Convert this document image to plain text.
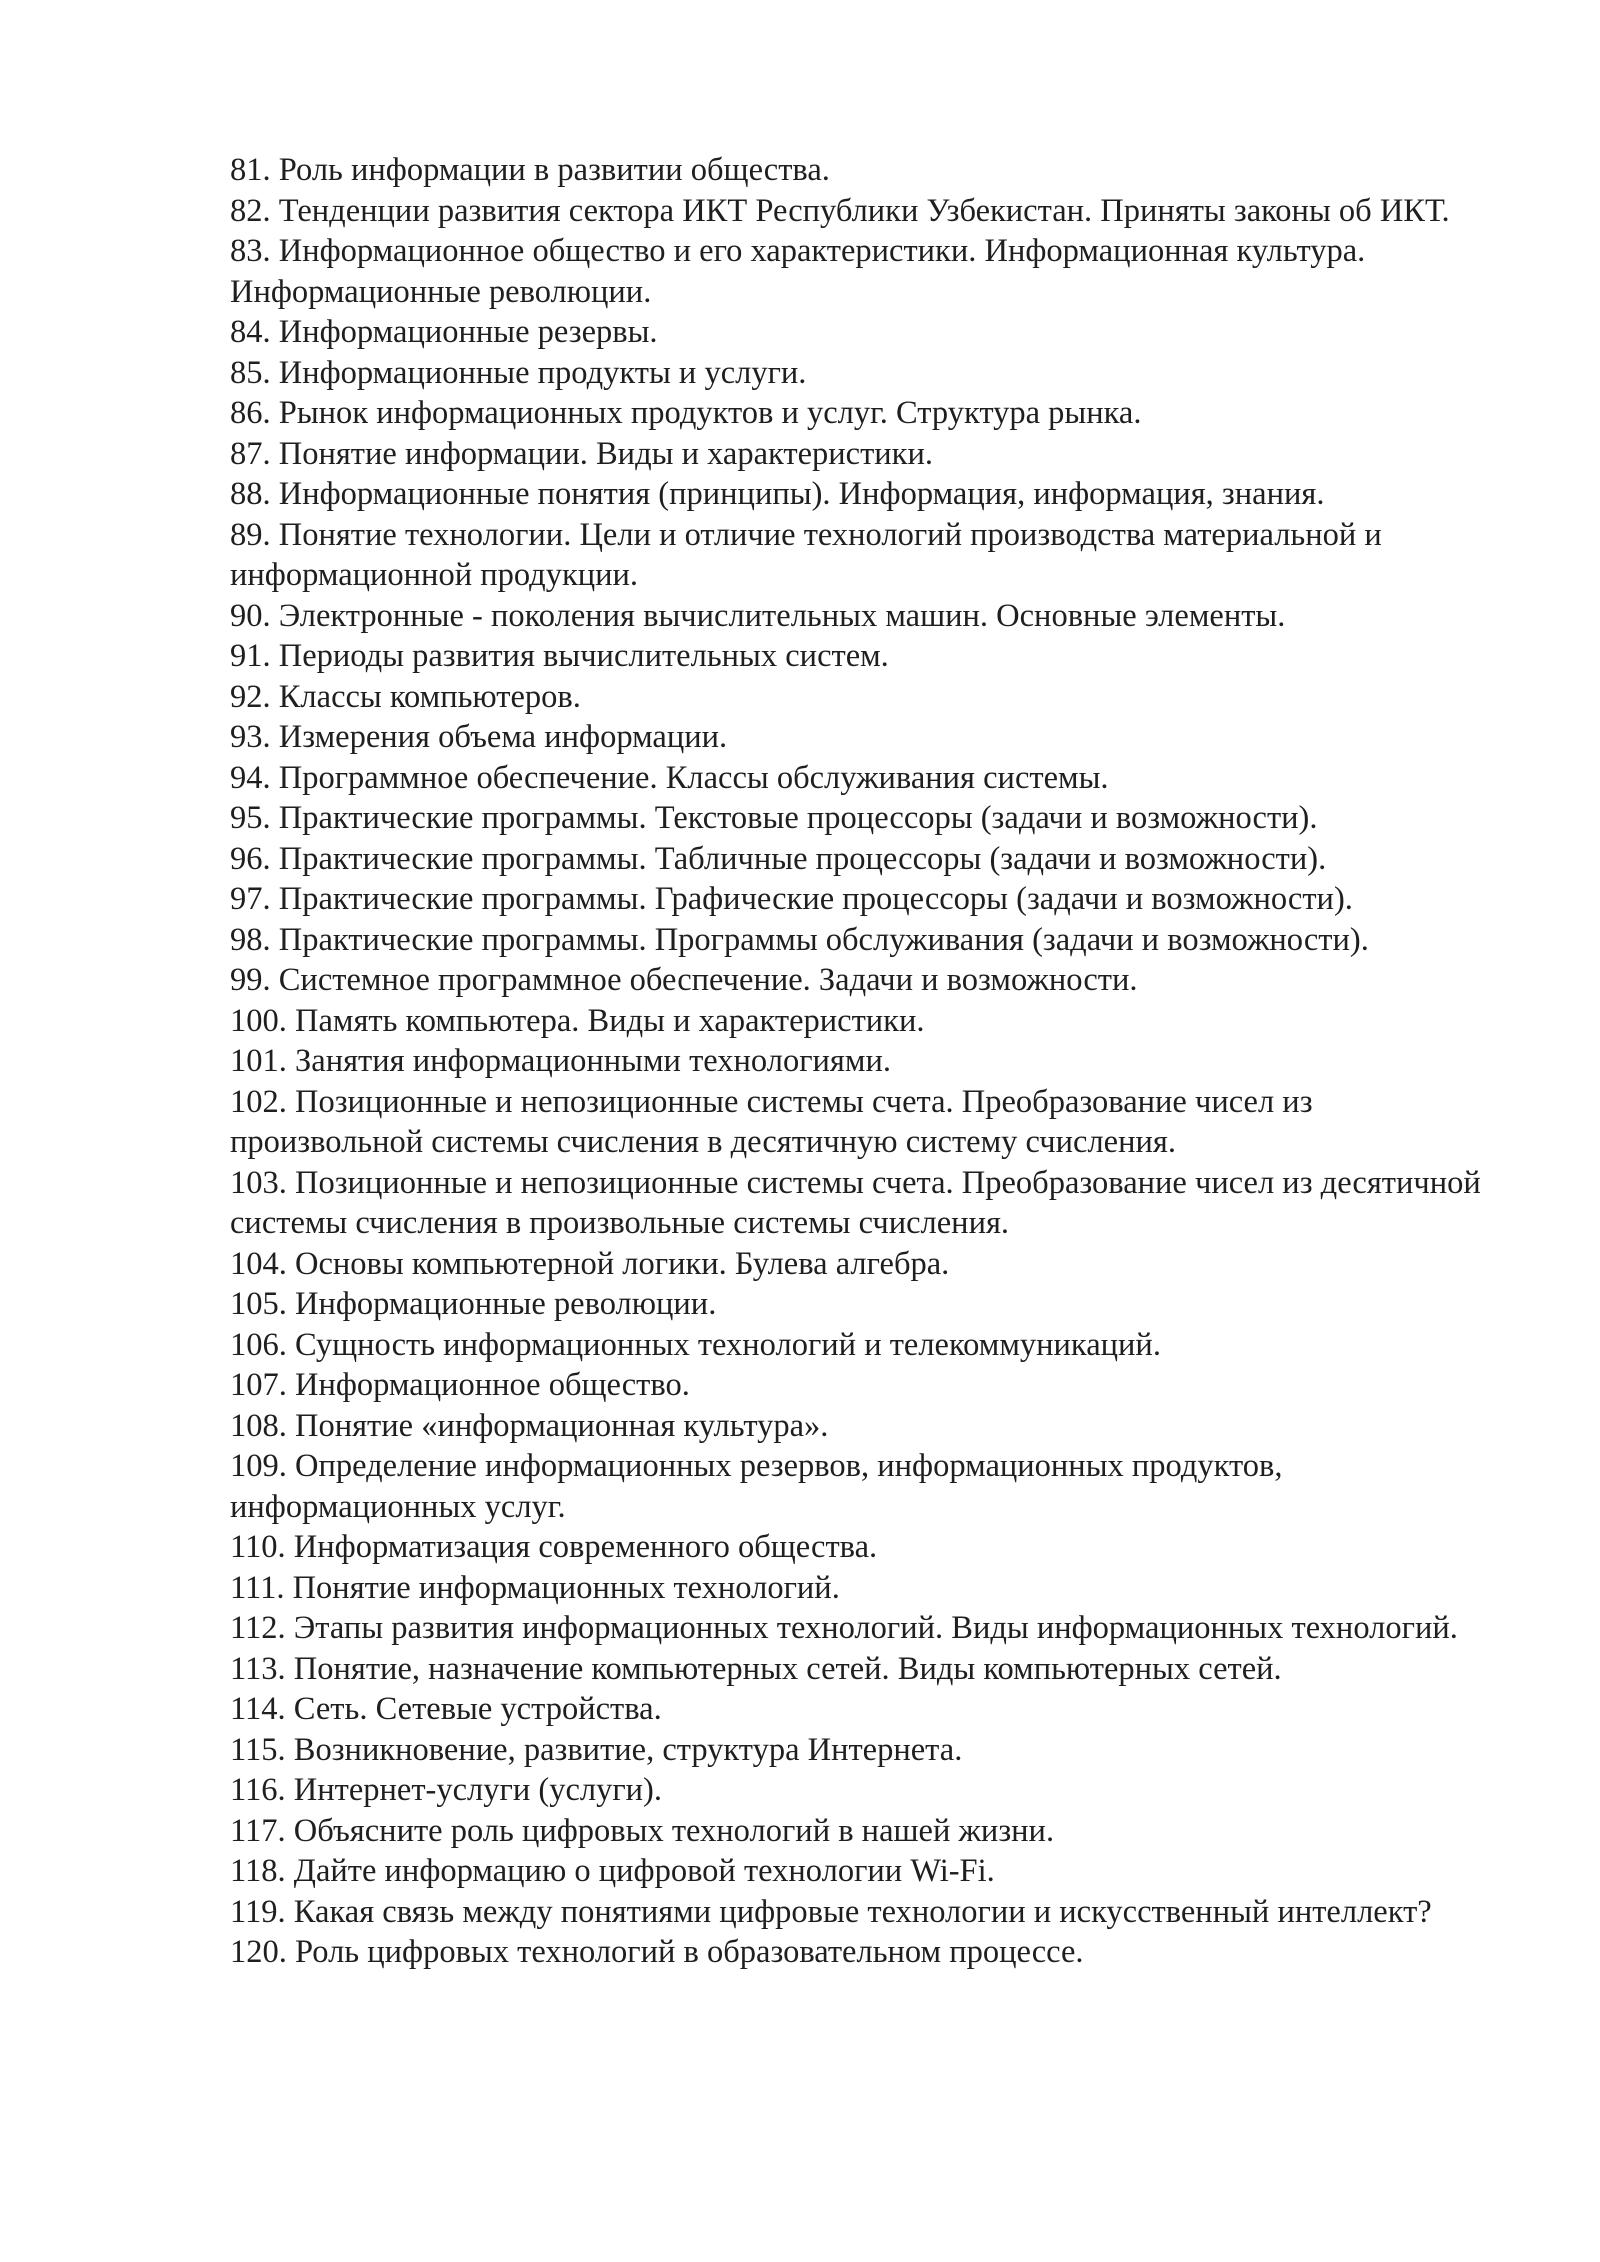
81. Роль информации в развитии общества.
82. Тенденции развития сектора ИКТ Республики Узбекистан. Приняты законы об ИКТ.
83. Информационное общество и его характеристики. Информационная культура. Информационные революции.
84. Информационные резервы.
85. Информационные продукты и услуги.
86. Рынок информационных продуктов и услуг. Структура рынка.
87. Понятие информации. Виды и характеристики.
88. Информационные понятия (принципы). Информация, информация, знания.
89. Понятие технологии. Цели и отличие технологий производства материальной и информационной продукции.
90. Электронные - поколения вычислительных машин. Основные элементы.
91. Периоды развития вычислительных систем.
92. Классы компьютеров.
93. Измерения объема информации.
94. Программное обеспечение. Классы обслуживания системы.
95. Практические программы. Текстовые процессоры (задачи и возможности).
96. Практические программы. Табличные процессоры (задачи и возможности).
97. Практические программы. Графические процессоры (задачи и возможности).
98. Практические программы. Программы обслуживания (задачи и возможности).
99. Системное программное обеспечение. Задачи и возможности.
100. Память компьютера. Виды и характеристики.
101. Занятия информационными технологиями.
102. Позиционные и непозиционные системы счета. Преобразование чисел из произвольной системы счисления в десятичную систему счисления.
103. Позиционные и непозиционные системы счета. Преобразование чисел из десятичной системы счисления в произвольные системы счисления.
104. Основы компьютерной логики. Булева алгебра.
105. Информационные революции.
106. Сущность информационных технологий и телекоммуникаций.
107. Информационное общество.
108. Понятие «информационная культура».
109. Определение информационных резервов, информационных продуктов, информационных услуг.
110. Информатизация современного общества.
111. Понятие информационных технологий.
112. Этапы развития информационных технологий. Виды информационных технологий.
113. Понятие, назначение компьютерных сетей. Виды компьютерных сетей.
114. Сеть. Сетевые устройства.
115. Возникновение, развитие, структура Интернета.
116. Интернет-услуги (услуги).
117. Объясните роль цифровых технологий в нашей жизни.
118. Дайте информацию о цифровой технологии Wi-Fi.
119. Какая связь между понятиями цифровые технологии и искусственный интеллект?
120. Роль цифровых технологий в образовательном процессе.
